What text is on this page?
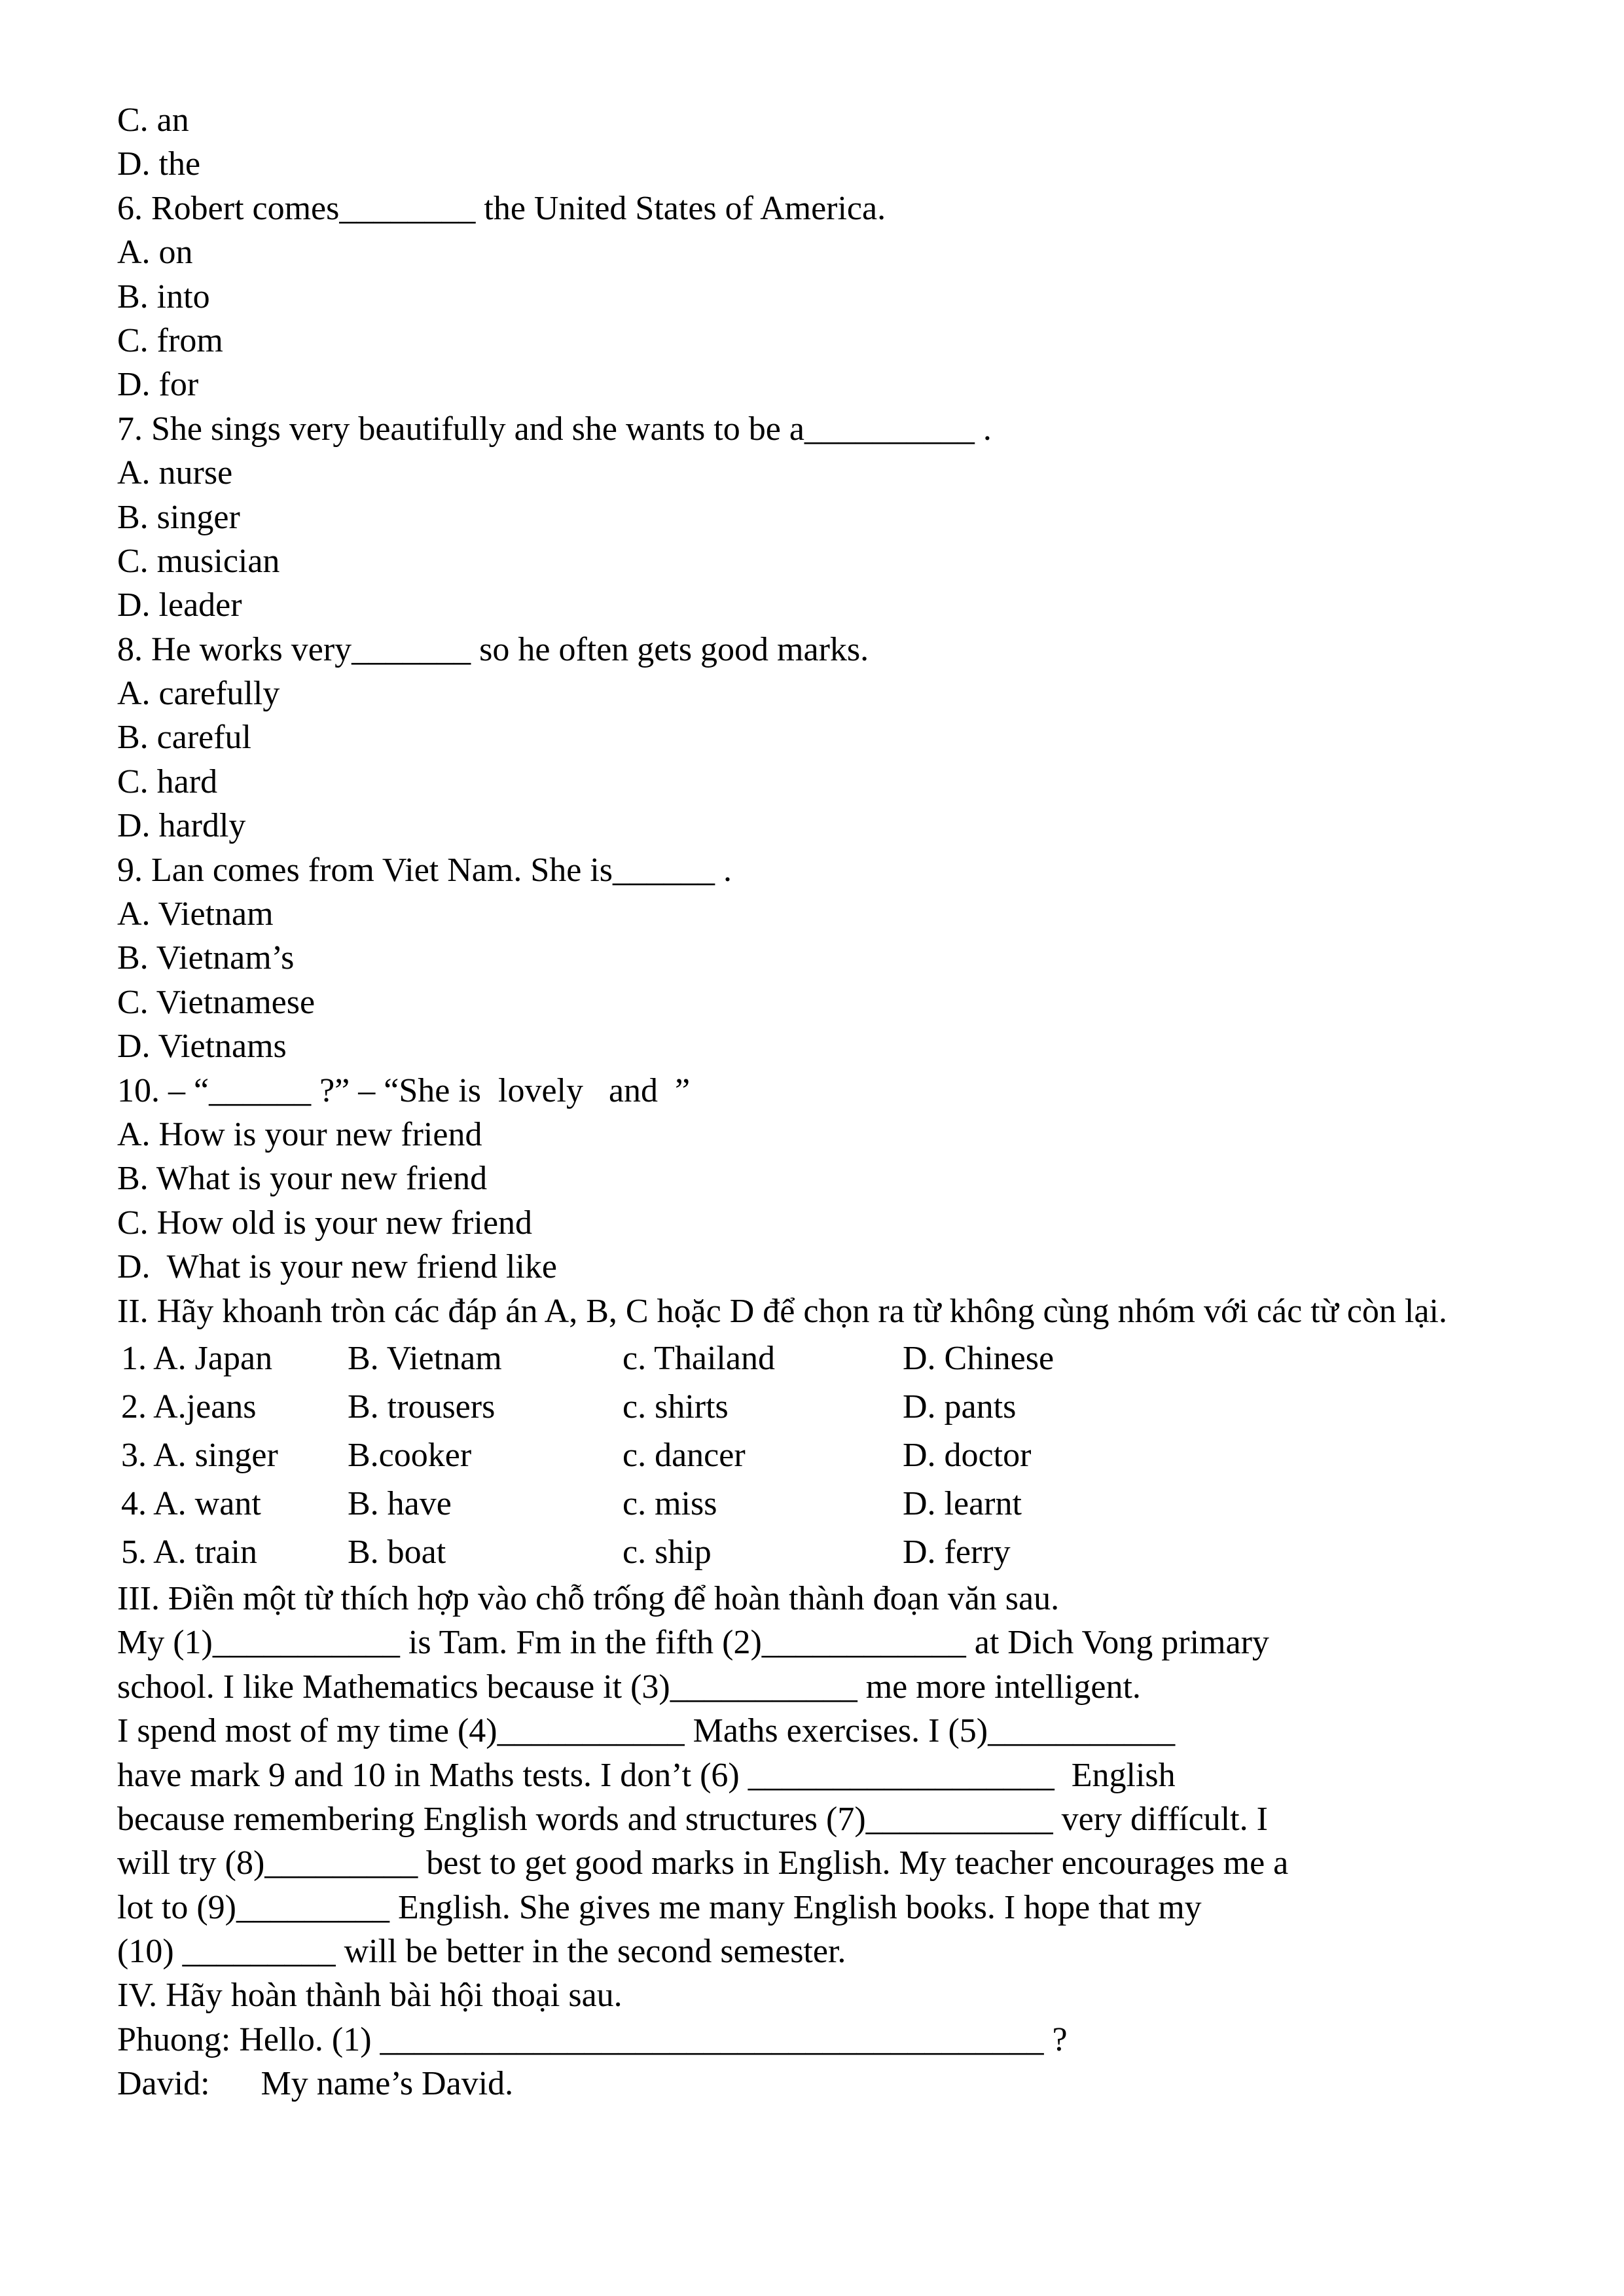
C. an
D. the
6. Robert comes________ the United States of America.
A. on
B. into
C. from
D. for
7. She sings very beautifully and she wants to be a__________ .
A. nurse
B. singer
C. musician
D. leader
8. He works very_______ so he often gets good marks.
A. carefully
B. careful
C. hard
D. hardly
9. Lan comes from Viet Nam. She is______ .
A. Vietnam
B. Vietnam’s
C. Vietnamese
D. Vietnams
10. – “______ ?” – “She is  lovely   and  ”
A. How is your new friend
B. What is your new friend
C. How old is your new friend
D.  What is your new friend like
II. Hãy khoanh tròn các đáp án A, B, C hoặc D để chọn ra từ không cùng nhóm với các từ còn lại.
1. A. Japan	B. Vietnam	c. Thailand	D. Chinese
2. A.jeans	B. trousers	c. shirts	D. pants
3. A. singer	B.cooker	c. dancer	D. doctor
4. A. want	B. have	c. miss	D. learnt
5. A. train	B. boat	c. ship	D. ferry
III. Điền một từ thích hợp vào chỗ trống để hoàn thành đoạn văn sau.
My (1)___________ is Tam. Fm in the fifth (2)____________ at Dich Vong primary
school. I like Mathematics because it (3)___________ me more intelligent.
I spend most of my time (4)___________ Maths exercises. I (5)___________
have mark 9 and 10 in Maths tests. I don’t (6) __________________  English
because remembering English words and structures (7)___________ very diffícult. I
will try (8)_________ best to get good marks in English. My teacher encourages me a
lot to (9)_________ English. She gives me many English books. I hope that my
(10) _________ will be better in the second semester.
IV. Hãy hoàn thành bài hội thoại sau.
Phuong: Hello. (1) _______________________________________ ?
David:      My name’s David.
